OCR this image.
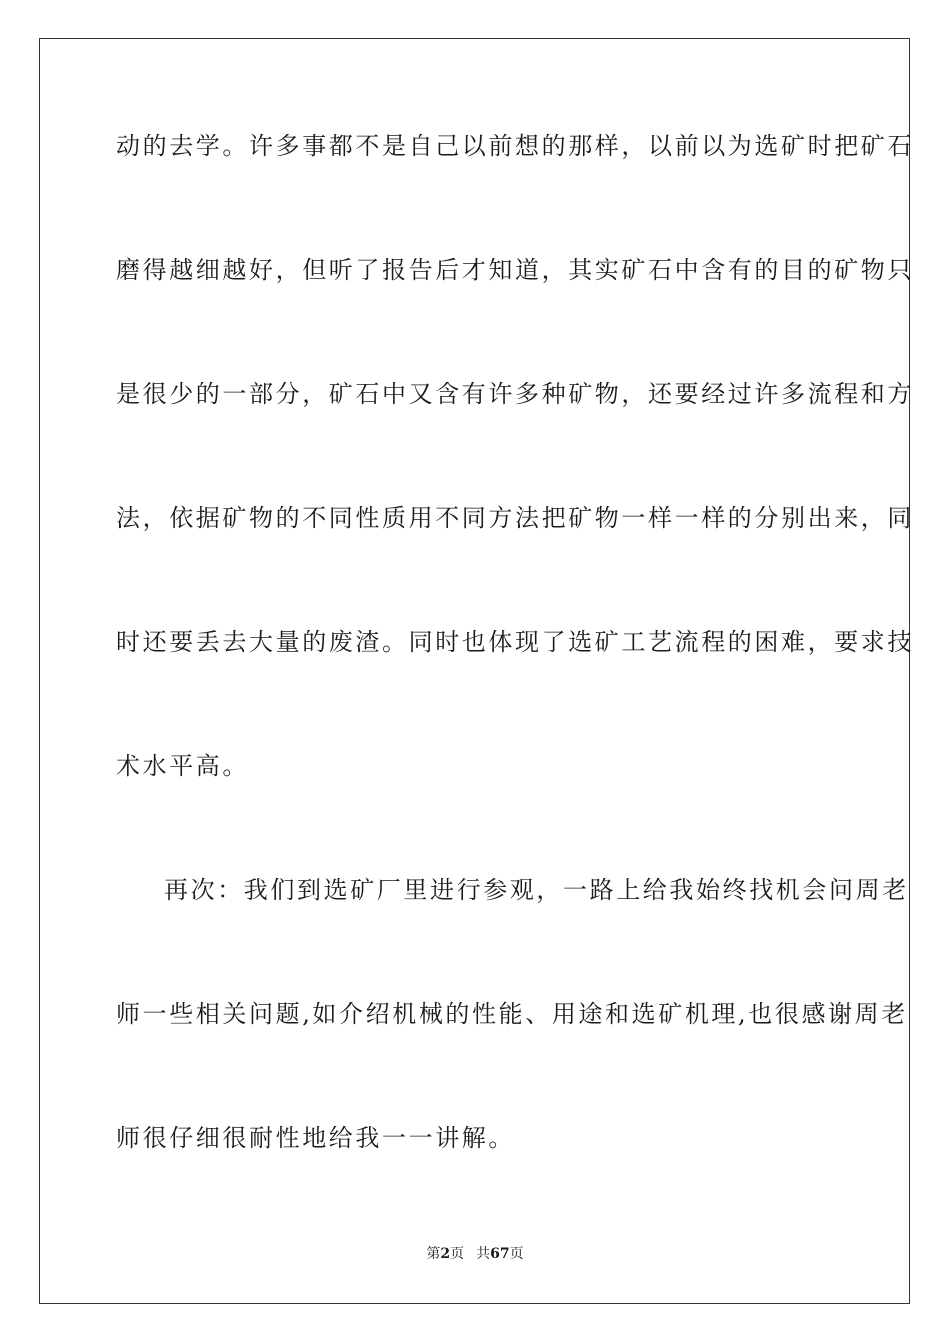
动的去学。许多事都不是自己以前想的那样，以前以为选矿时把矿石
磨得越细越好，但听了报告后才知道，其实矿石中含有的目的矿物只
是很少的一部分，矿石中又含有许多种矿物，还要经过许多流程和方
法，依据矿物的不同性质用不同方法把矿物一样一样的分别出来，同
时还要丢去大量的废渣。同时也体现了选矿工艺流程的困难，要求技
术水平高。
再次：我们到选矿厂里进行参观，一路上给我始终找机会问周老
师一些相关问题,如介绍机械的性能、用途和选矿机理,也很感谢周老
师很仔细很耐性地给我一一讲解。
第2页 共67页
